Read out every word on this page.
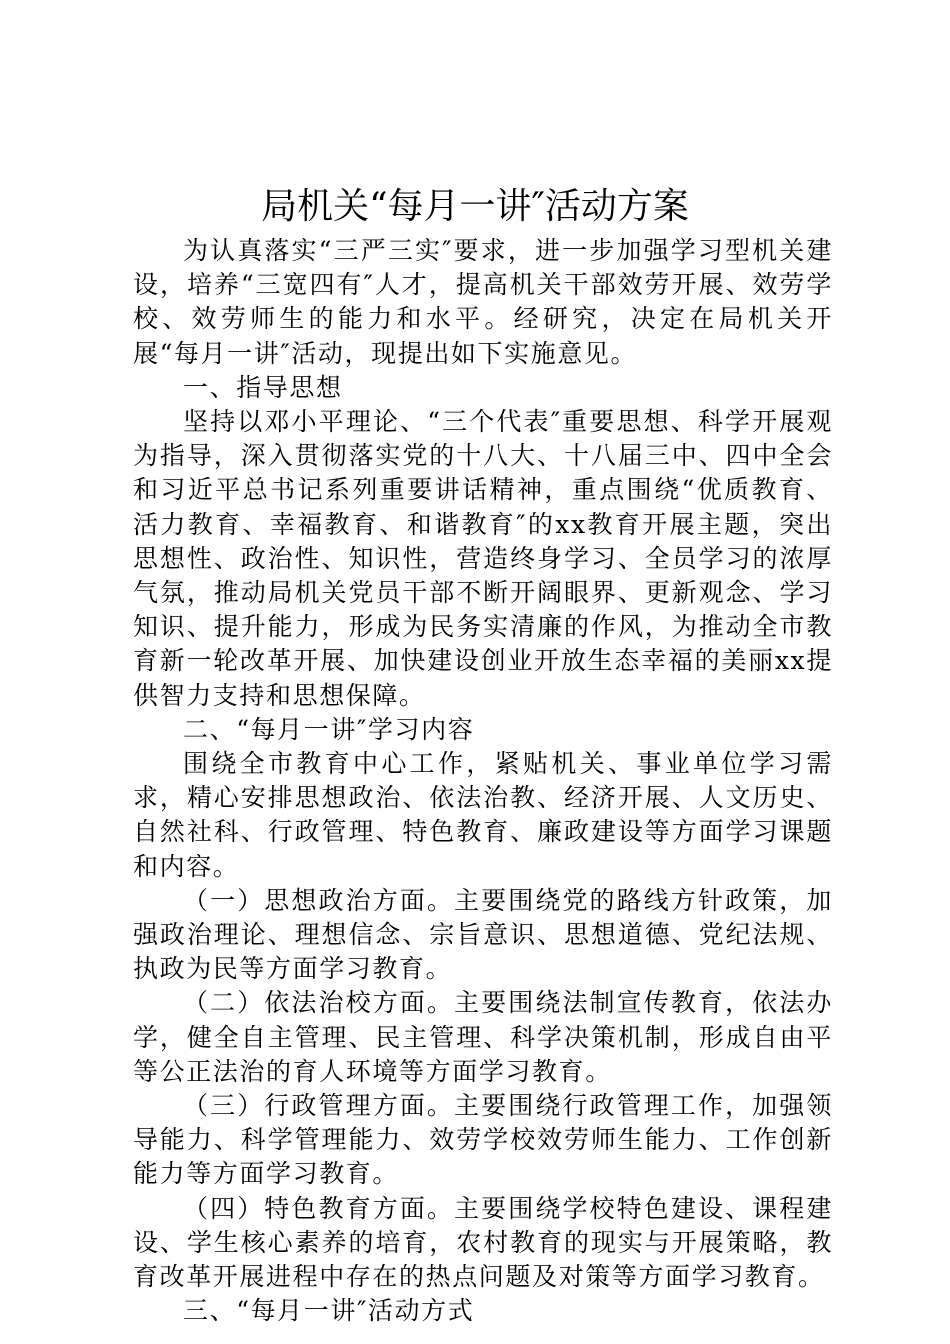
局机关“每月一讲″活动方案

为认真落实“三严三实″要求，进一步加强学习型机关建设，培养“三宽四有″人才，提高机关干部效劳开展、效劳学校、效劳师生的能力和水平。经研究，决定在局机关开展“每月一讲″活动，现提出如下实施意见。

一、指导思想

坚持以邓小平理论、“三个代表″重要思想、科学开展观为指导，深入贯彻落实党的十八大、十八届三中、四中全会和习近平总书记系列重要讲话精神，重点围绕“优质教育、活力教育、幸福教育、和谐教育″的xx教育开展主题，突出思想性、政治性、知识性，营造终身学习、全员学习的浓厚气氛，推动局机关党员干部不断开阔眼界、更新观念、学习知识、提升能力，形成为民务实清廉的作风，为推动全市教育新一轮改革开展、加快建设创业开放生态幸福的美丽xx提供智力支持和思想保障。

二、“每月一讲″学习内容

围绕全市教育中心工作，紧贴机关、事业单位学习需求，精心安排思想政治、依法治教、经济开展、人文历史、自然社科、行政管理、特色教育、廉政建设等方面学习课题和内容。

（一）思想政治方面。主要围绕党的路线方针政策，加强政治理论、理想信念、宗旨意识、思想道德、党纪法规、执政为民等方面学习教育。

（二）依法治校方面。主要围绕法制宣传教育，依法办学，健全自主管理、民主管理、科学决策机制，形成自由平等公正法治的育人环境等方面学习教育。

（三）行政管理方面。主要围绕行政管理工作，加强领导能力、科学管理能力、效劳学校效劳师生能力、工作创新能力等方面学习教育。

（四）特色教育方面。主要围绕学校特色建设、课程建设、学生核心素养的培育，农村教育的现实与开展策略，教育改革开展进程中存在的热点问题及对策等方面学习教育。

三、“每月一讲″活动方式
